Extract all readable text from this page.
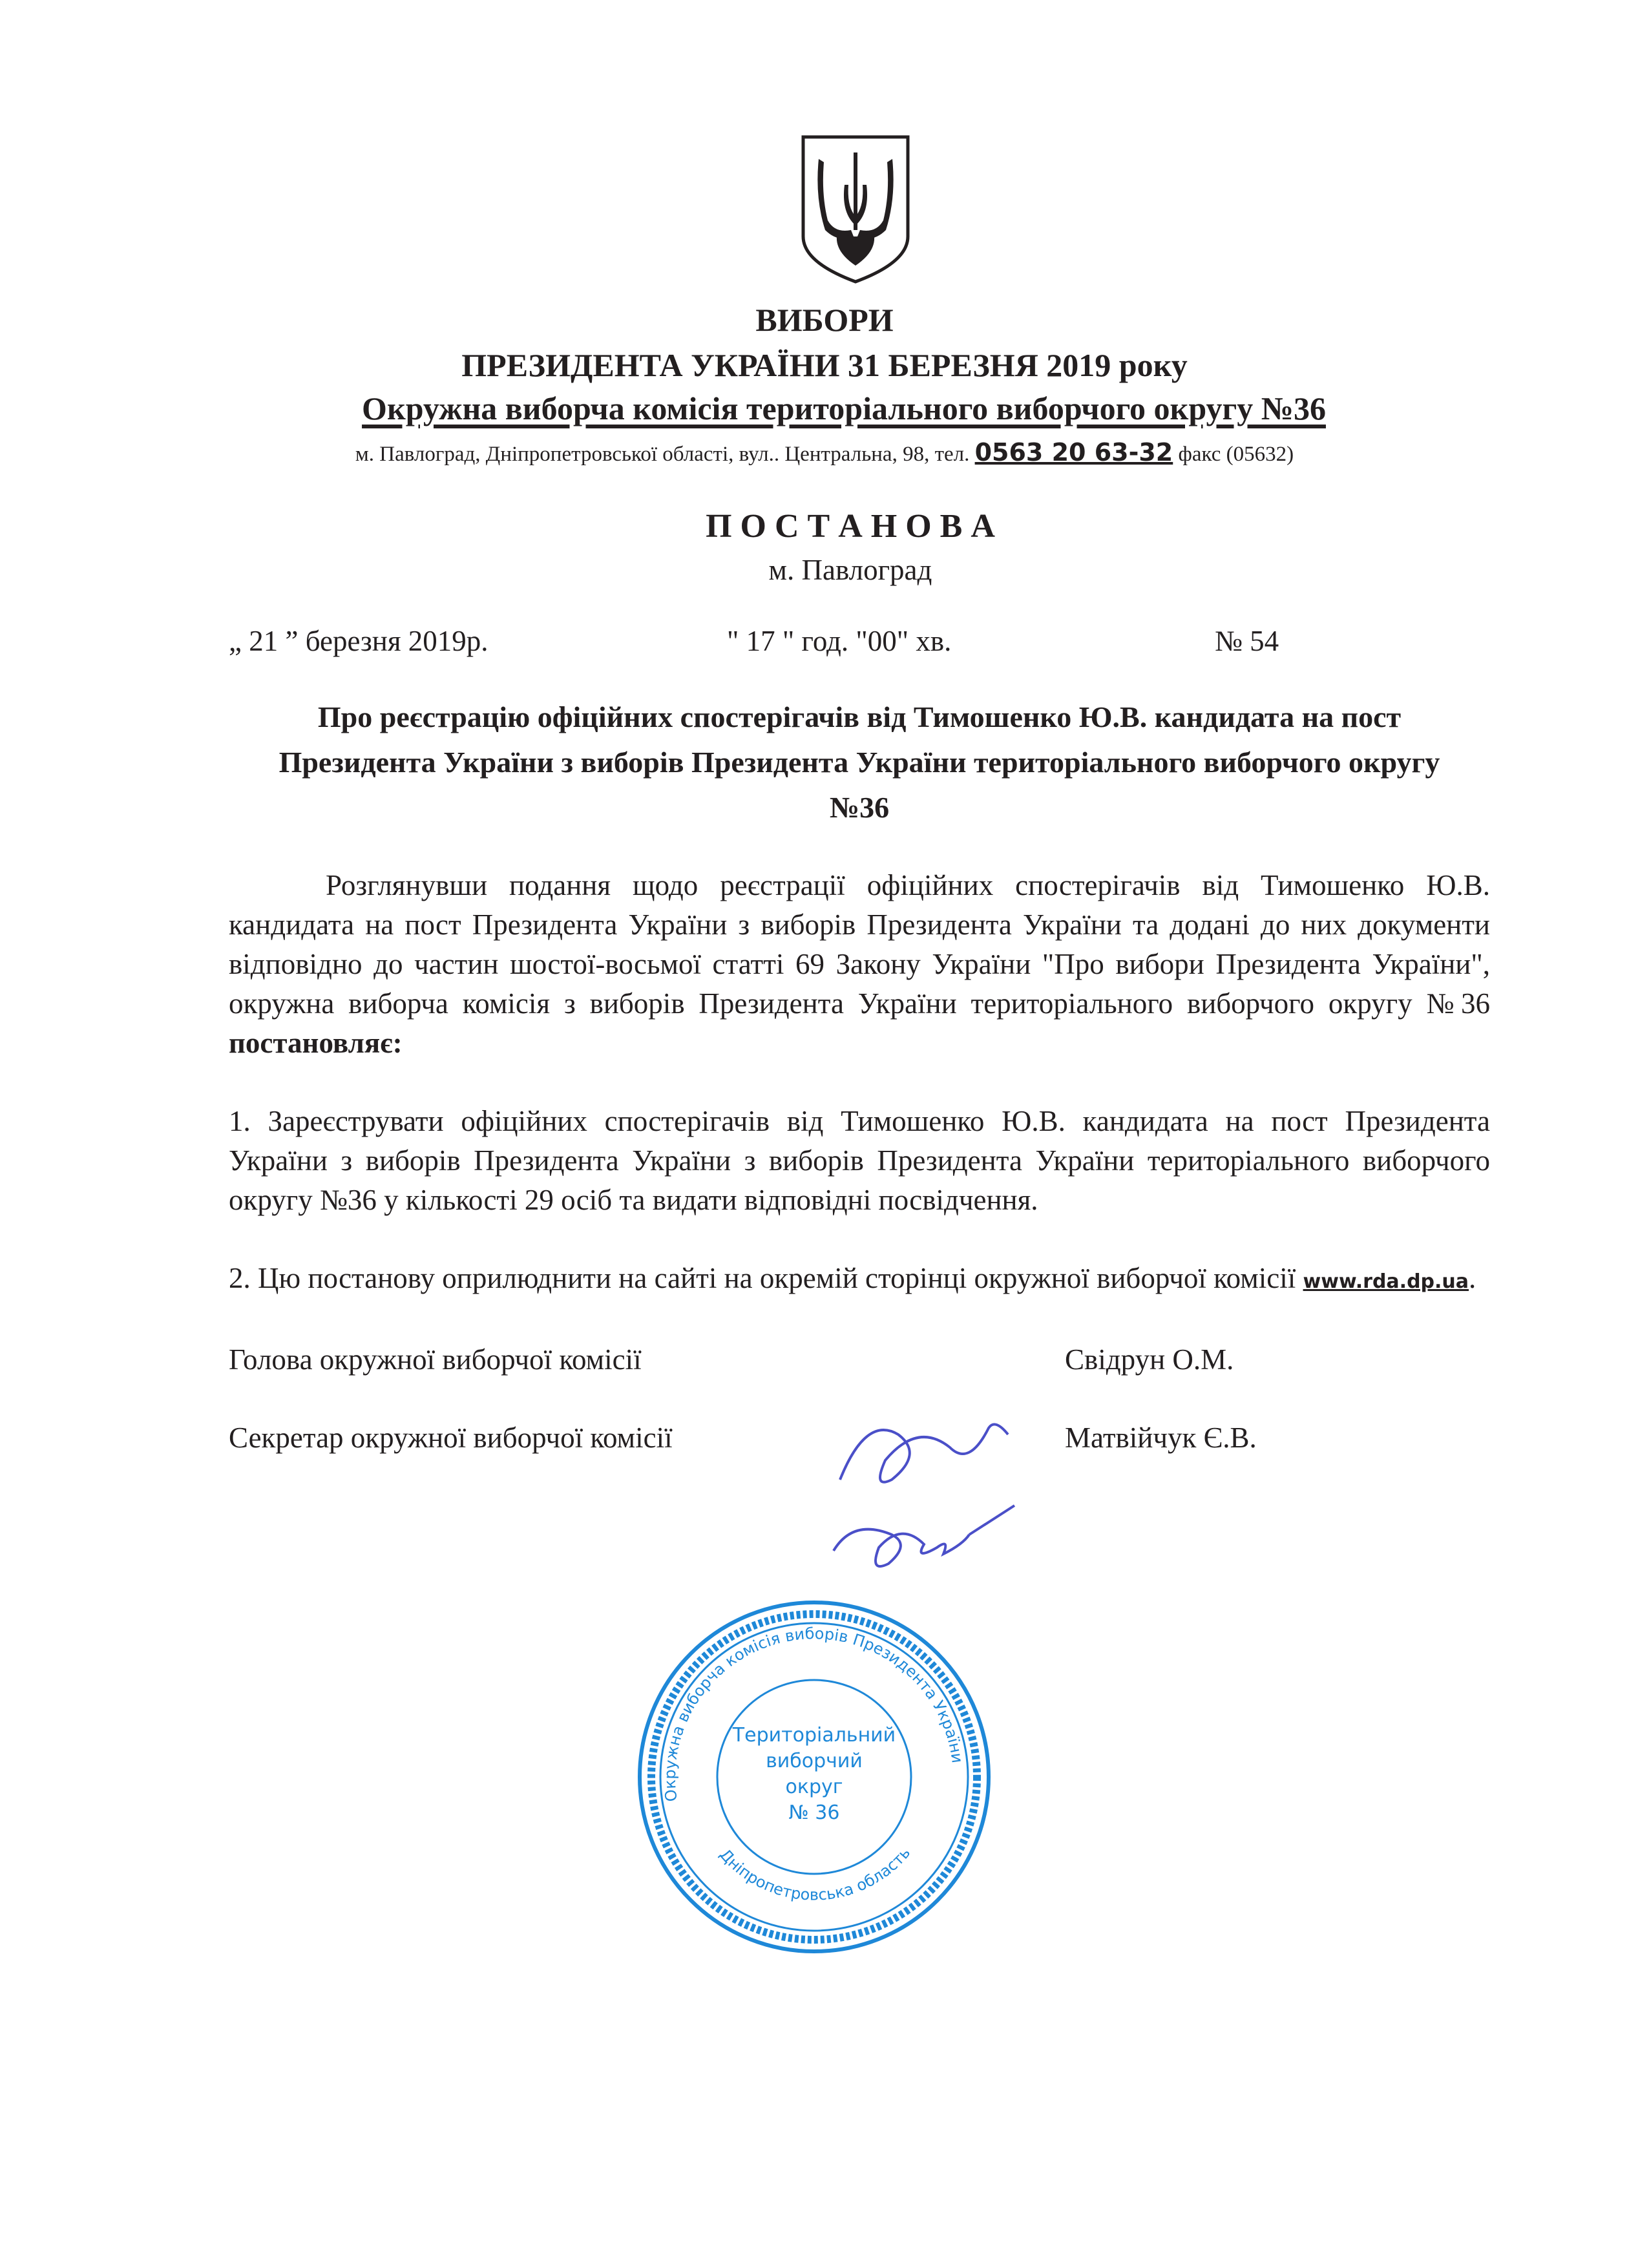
ВИБОРИ
ПРЕЗИДЕНТА УКРАЇНИ 31 БЕРЕЗНЯ 2019 року
Окружна виборча комісія територіального виборчого округу №36
м. Павлоград, Дніпропетровської області, вул.. Центральна, 98, тел. 0563 20 63-32 факс (05632)
П О С Т А Н О В А
м. Павлоград
„ 21 ” березня 2019р.	" 17 " год. "00" хв.	№ 54
Про реєстрацію офіційних спостерігачів від Тимошенко Ю.В. кандидата на пост Президента України з виборів Президента України територіального виборчого округу №36
Розглянувши подання щодо реєстрації офіційних спостерігачів від Тимошенко Ю.В. кандидата на пост Президента України з виборів Президента України та додані до них документи відповідно до частин шостої-восьмої статті 69 Закону України "Про вибори Президента України", окружна виборча комісія з виборів Президента України територіального виборчого округу №36 постановляє:
1. Зареєструвати офіційних спостерігачів від Тимошенко Ю.В. кандидата на пост Президента України з виборів Президента України з виборів Президента України територіального виборчого округу №36 у кількості 29 осіб та видати відповідні посвідчення.
2. Цю постанову оприлюднити на сайті на окремій сторінці окружної виборчої комісії www.rda.dp.ua.
Голова окружної виборчої комісії	Свідрун О.М.
Секретар окружної виборчої комісії	Матвійчук Є.В.
Окружна виборча комісія виборів Президента України
Дніпропетровська область
Територіальний
виборчий
округ
№ 36
